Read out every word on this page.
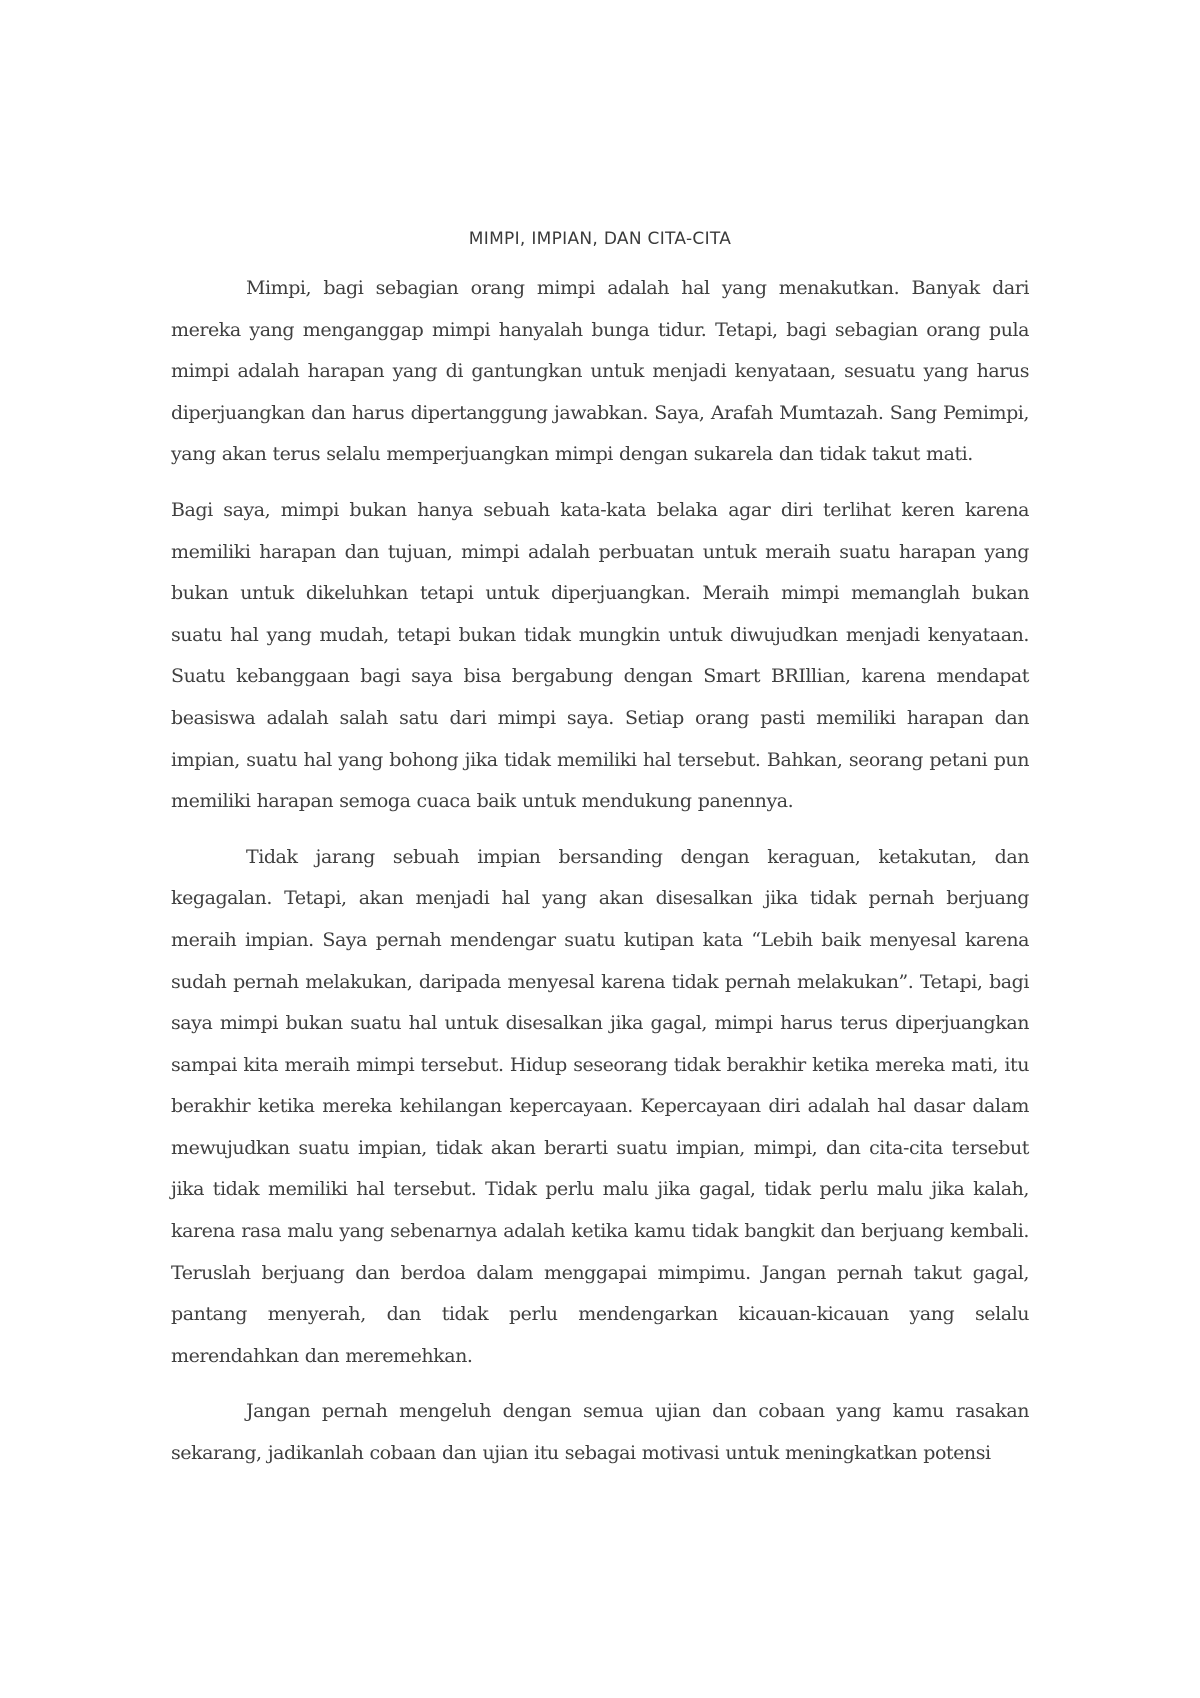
MIMPI, IMPIAN, DAN CITA-CITA

Mimpi, bagi sebagian orang mimpi adalah hal yang menakutkan. Banyak dari mereka yang menganggap mimpi hanyalah bunga tidur. Tetapi, bagi sebagian orang pula mimpi adalah harapan yang di gantungkan untuk menjadi kenyataan, sesuatu yang harus diperjuangkan dan harus dipertanggung jawabkan. Saya, Arafah Mumtazah. Sang Pemimpi, yang akan terus selalu memperjuangkan mimpi dengan sukarela dan tidak takut mati.

Bagi saya, mimpi bukan hanya sebuah kata-kata belaka agar diri terlihat keren karena memiliki harapan dan tujuan, mimpi adalah perbuatan untuk meraih suatu harapan yang bukan untuk dikeluhkan tetapi untuk diperjuangkan. Meraih mimpi memanglah bukan suatu hal yang mudah, tetapi bukan tidak mungkin untuk diwujudkan menjadi kenyataan. Suatu kebanggaan bagi saya bisa bergabung dengan Smart BRIllian, karena mendapat beasiswa adalah salah satu dari mimpi saya. Setiap orang pasti memiliki harapan dan impian, suatu hal yang bohong jika tidak memiliki hal tersebut. Bahkan, seorang petani pun memiliki harapan semoga cuaca baik untuk mendukung panennya.

Tidak jarang sebuah impian bersanding dengan keraguan, ketakutan, dan kegagalan. Tetapi, akan menjadi hal yang akan disesalkan jika tidak pernah berjuang meraih impian. Saya pernah mendengar suatu kutipan kata “Lebih baik menyesal karena sudah pernah melakukan, daripada menyesal karena tidak pernah melakukan”. Tetapi, bagi saya mimpi bukan suatu hal untuk disesalkan jika gagal, mimpi harus terus diperjuangkan sampai kita meraih mimpi tersebut. Hidup seseorang tidak berakhir ketika mereka mati, itu berakhir ketika mereka kehilangan kepercayaan. Kepercayaan diri adalah hal dasar dalam mewujudkan suatu impian, tidak akan berarti suatu impian, mimpi, dan cita-cita tersebut jika tidak memiliki hal tersebut. Tidak perlu malu jika gagal, tidak perlu malu jika kalah, karena rasa malu yang sebenarnya adalah ketika kamu tidak bangkit dan berjuang kembali. Teruslah berjuang dan berdoa dalam menggapai mimpimu. Jangan pernah takut gagal, pantang menyerah, dan tidak perlu mendengarkan kicauan-kicauan yang selalu merendahkan dan meremehkan.

Jangan pernah mengeluh dengan semua ujian dan cobaan yang kamu rasakan sekarang, jadikanlah cobaan dan ujian itu sebagai motivasi untuk meningkatkan potensi
